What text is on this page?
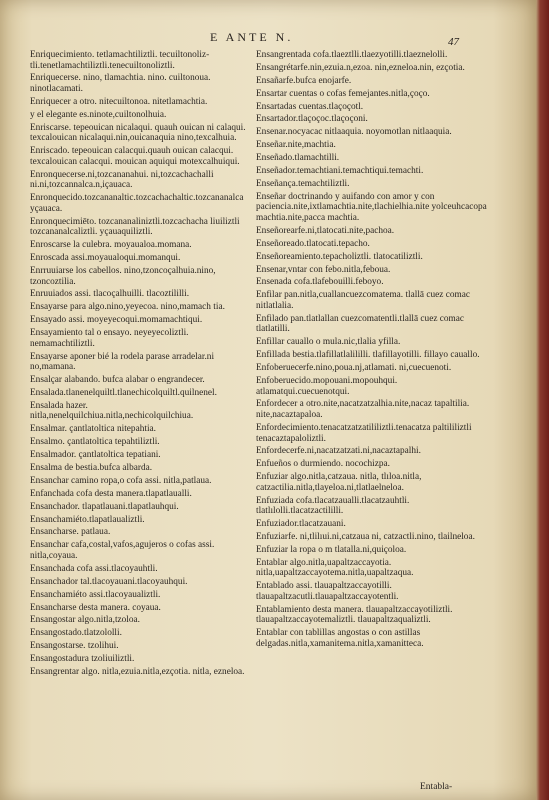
E ANTE N.	47
Enriquecimiento. tetlamachtiliztli. tecuiltonoliz-tli.tenetlamachtiliztli.tenecuiltonoliztli.
Enriquecerse. nino, tlamachtia. nino. cuiltonoua. ninotlacamati.
Enriquecer a otro. nitecuiltonoa. nitetlamachtia.
y el elegante es.ninote,cuiltonolhuia.
Enriscarse. tepeouican nicalaqui. quauh ouican ni calaqui. texcalouican nicalaqui.nin,ouicanaquia nino,texcalhuia.
Enriscado. tepeouican calacqui.quauh ouican calacqui. texcalouican calacqui. mouican aquiqui motexcalhuiqui.
Enronquecerse.ni,tozcananahui. ni,tozcachachalli ni.ni,tozcannalca.n,içauaca.
Enronquecido.tozcananaltic.tozcachachaltic.tozcananalca yçauaca.
Enronquecimiēto. tozcananaliniztli.tozcachacha liuiliztli tozcananalcaliztli. yçauaquiliztli.
Enroscarse la culebra. moyaualoa.momana.
Enroscada assi.moyaualoqui.momanqui.
Enrruuiarse los cabellos. nino,tzoncoçalhuia.nino, tzoncoztilia.
Enruuiados assi. tlacoçalhuilli. tlacoztililli.
Ensayarse para algo.nino,yeyecoa. nino,mamach tia.
Ensayado assi. moyeyecoqui.momamachtiqui.
Ensayamiento tal o ensayo. neyeyecoliztli. nemamachtiliztli.
Ensayarse aponer bié la rodela parase arradelar.ni no,mamana.
Ensalçar alabando. bufca alabar o engrandecer.
Ensalada.tlanenelquiltl.tlanechicolquiltl.quilnenel.
Ensalada hazer. nitla,nenelquilchiua.nitla,nechicolquilchiua.
Ensalmar. çantlatoltica nitepahtia.
Ensalmo. çantlatoltica tepahtiliztli.
Ensalmador. çantlatoltica tepatiani.
Ensalma de bestia.bufca albarda.
Ensanchar camino ropa,o cofa assi. nitla,patlaua.
Enfanchada cofa desta manera.tlapatlaualli.
Ensanchador. tlapatlauani.tlapatlauhqui.
Ensanchamiéto.tlapatlaualiztli.
Ensancharse. patlaua.
Ensanchar cafa,costal,vafos,agujeros o cofas assi. nitla,coyaua.
Ensanchada cofa assi.tlacoyauhtli.
Ensanchador tal.tlacoyauani.tlacoyauhqui.
Ensanchamiéto assi.tlacoyaualiztli.
Ensancharse desta manera. coyaua.
Ensangostar algo.nitla,tzoloa.
Ensangostado.tlatzololli.
Ensangostarse. tzolihui.
Ensangostadura tzoliuiliztli.
Ensangrentar algo. nitla,ezuia.nitla,ezçotia. nitla, ezneloa.
Ensangrentada cofa.tlaeztlli.tlaezyotilli.tlaeznelolli.
Ensangrétarfe.nin,ezuia.n,ezoa. nin,ezneloa.nin, ezçotia.
Ensañarfe.bufca enojarfe.
Ensartar cuentas o cofas femejantes.nitla,çoço.
Ensartadas cuentas.tlaçoçotl.
Ensartador.tlaçoçoc.tlaçoçoni.
Ensenar.nocyacac nitlaaquia. noyomotlan nitlaaquia.
Enseñar.nite,machtia.
Enseñado.tlamachtilli.
Enseñador.temachtiani.temachtiqui.temachti.
Enseñança.temachtiliztli.
Enseñar doctrinando y auifando con amor y con paciencia.nite,ixtlamachtia.nite,tlachielhia.nite yolceuhcacopa machtia.nite,pacca machtia.
Enseñorearfe.ni,tlatocati.nite,pachoa.
Enseñoreado.tlatocati.tepacho.
Enseñoreamiento.tepacholiztli. tlatocatiliztli.
Ensenar,vntar con febo.nitla,feboua.
Ensenada cofa.tlafebouilli.feboyo.
Enfilar pan.nitla,cuallancuezcomatema. tlallā cuez comac nitlatlalia.
Enfilado pan.tlatlallan cuezcomatentli.tlallā cuez comac tlatlatilli.
Enfillar cauallo o mula.nic,tlalia yfilla.
Enfillada bestia.tlafillatlalililli. tlafillayotilli. fillayo cauallo.
Enfoberuecerfe.nino,poua.nj,atlamati. ni,cuecuenoti.
Enfoberuecido.mopouani.mopouhqui. atlamatqui.cuecuenotqui.
Enfordecer a otro.nite,nacatzatzalhia.nite,nacaz tapaltilia. nite,nacaztapaloa.
Enfordecimiento.tenacatzatzatililiztli.tenacatza paltililiztli tenacaztapaloliztli.
Enfordecerfe.ni,nacatzatzati.ni,nacaztapalhi.
Enfueños o durmiendo. nocochizpa.
Enfuziar algo.nitla,catzaua. nitla, tlıloa.nitla, catzactilia.nitla,tlayeloa.ni,tlatlaelneloa.
Enfuziada cofa.tlacatzaualli.tlacatzauhtli. tlatlılolli.tlacatzactililli.
Enfuziador.tlacatzauani.
Enfuziarfe. ni,tlilıui.ni,catzaua ni, catzactli.nino, tlailneloa.
Enfuziar la ropa o m tlatalla.ni,quiçoloa.
Entablar algo.nitla,uapaltzaccayotia. nitla,uapaltzaccayotema.nitla,uapaltzaqua.
Entablado assi. tlauapaltzaccayotilli. tlauapaltzacutli.tlauapaltzaccayotentli.
Entablamiento desta manera. tlauapaltzaccayotiliztli. tlauapaltzaccayotemaliztli. tlauapaltzaqualiztli.
Entablar con tablillas angostas o con astillas delgadas.nitla,xamanitema.nitla,xamanitteca.
Entabla-
